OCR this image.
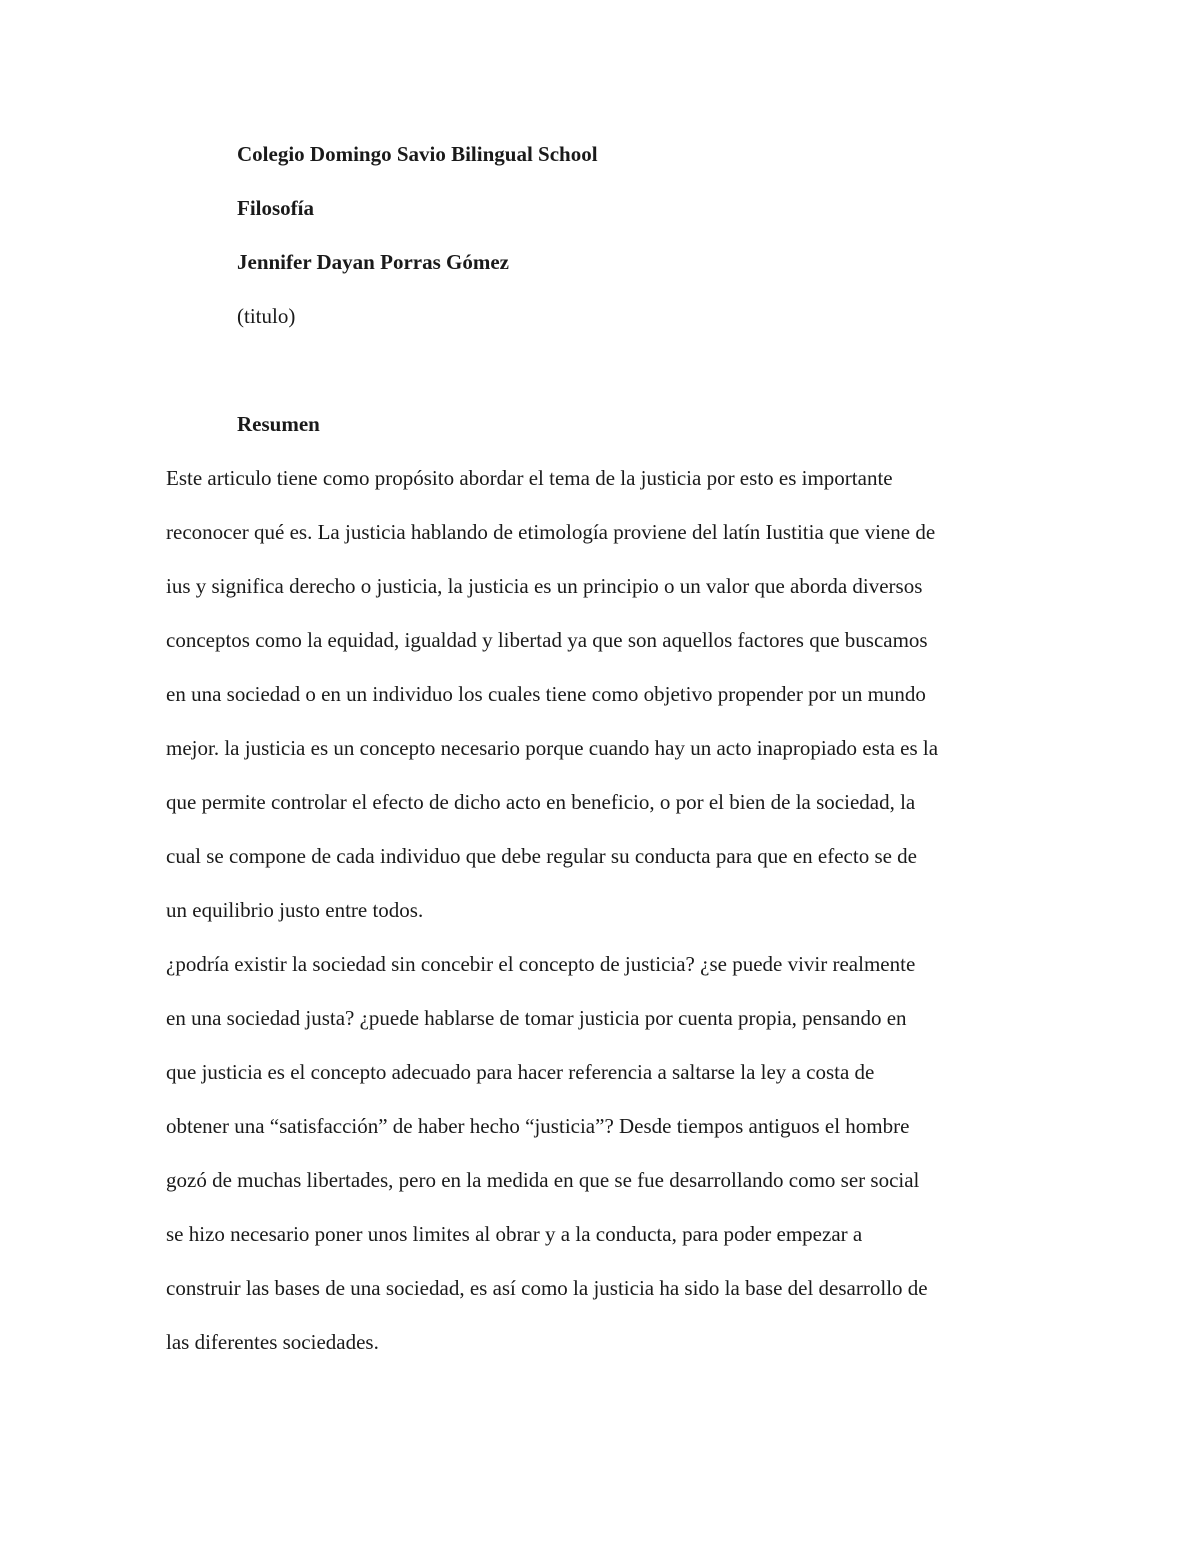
Colegio Domingo Savio Bilingual School
Filosofía
Jennifer Dayan Porras Gómez
(titulo)
Resumen
Este articulo tiene como propósito abordar el tema de la justicia por esto es importante
reconocer qué es. La justicia hablando de etimología proviene del latín Iustitia que viene de
ius y significa derecho o justicia, la justicia es un principio o un valor que aborda diversos
conceptos como la equidad, igualdad y libertad ya que son aquellos factores que buscamos
en una sociedad o en un individuo los cuales tiene como objetivo propender por un mundo
mejor. la justicia es un concepto necesario porque cuando hay un acto inapropiado esta es la
que permite controlar el efecto de dicho acto en beneficio, o por el bien de la sociedad, la
cual se compone de cada individuo que debe regular su conducta para que en efecto se de
un equilibrio justo entre todos.
¿podría existir la sociedad sin concebir el concepto de justicia? ¿se puede vivir realmente
en una sociedad justa? ¿puede hablarse de tomar justicia por cuenta propia, pensando en
que justicia es el concepto adecuado para hacer referencia a saltarse la ley a costa de
obtener una “satisfacción” de haber hecho “justicia”? Desde tiempos antiguos el hombre
gozó de muchas libertades, pero en la medida en que se fue desarrollando como ser social
se hizo necesario poner unos limites al obrar y a la conducta, para poder empezar a
construir las bases de una sociedad, es así como la justicia ha sido la base del desarrollo de
las diferentes sociedades.
